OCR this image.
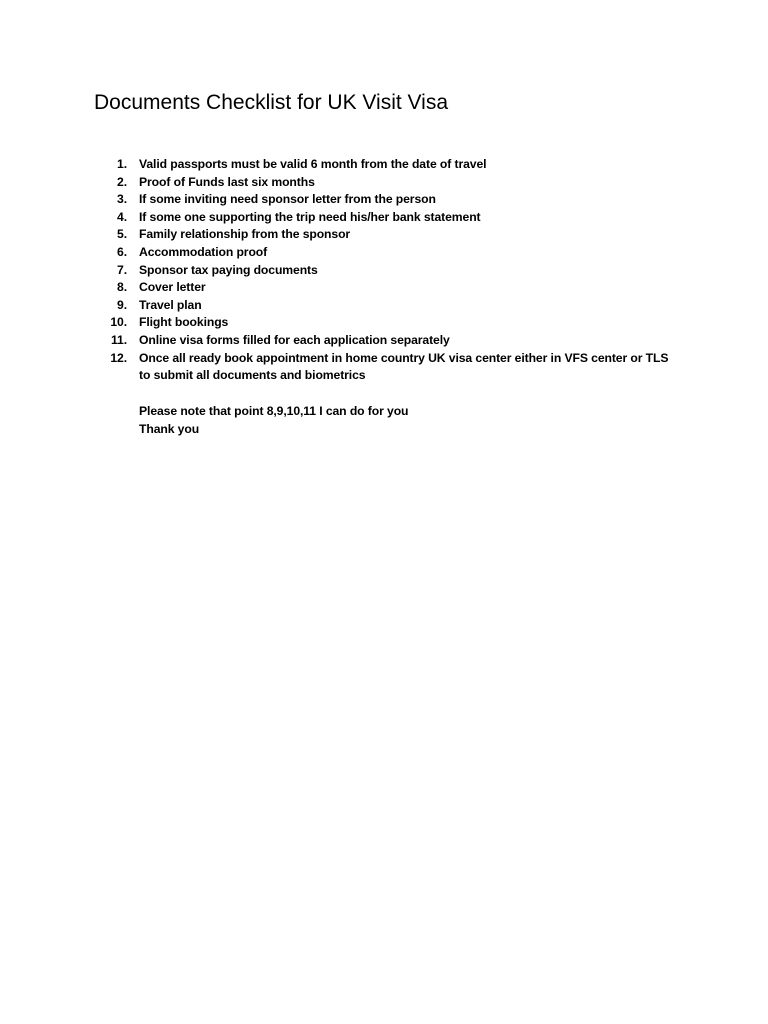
Documents Checklist for UK Visit Visa
1. Valid passports must be valid 6 month from the date of travel
2. Proof of Funds last six months
3. If some inviting need sponsor letter from the person
4. If some one supporting the trip need his/her bank statement
5. Family relationship from the sponsor
6. Accommodation proof
7. Sponsor tax paying documents
8. Cover letter
9. Travel plan
10. Flight bookings
11. Online visa forms filled for each application separately
12. Once all ready book appointment in home country UK visa center either in VFS center or TLS to submit all documents and biometrics
Please note that point 8,9,10,11 I can do for you
Thank you
